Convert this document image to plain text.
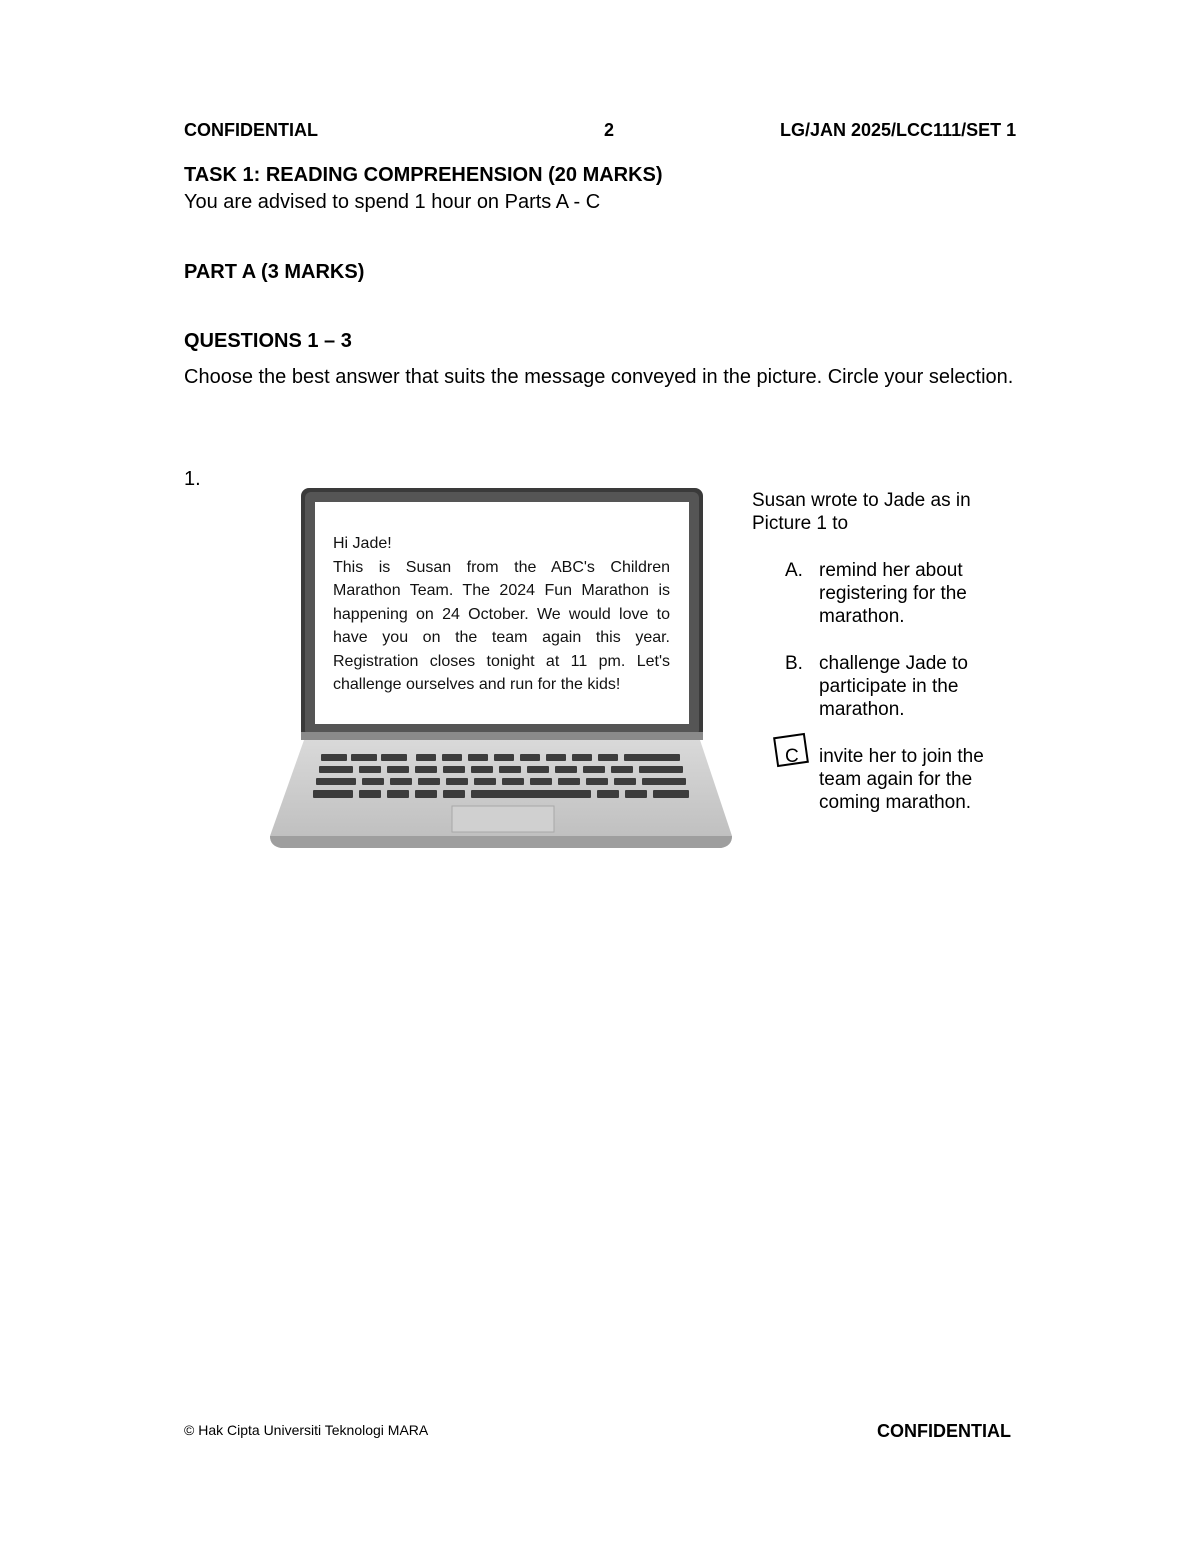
CONFIDENTIAL	2	LG/JAN 2025/LCC111/SET 1
TASK 1: READING COMPREHENSION (20 MARKS)
You are advised to spend 1 hour on Parts A - C
PART A (3 MARKS)
QUESTIONS 1 – 3
Choose the best answer that suits the message conveyed in the picture. Circle your selection.
1.

Hi Jade!

This is Susan from the ABC's Children Marathon Team. The 2024 Fun Marathon is happening on 24 October. We would love to have you on the team again this year. Registration closes tonight at 11 pm. Let's challenge ourselves and run for the kids!

Susan wrote to Jade as in Picture 1 to
A. remind her about registering for the marathon.
B. challenge Jade to participate in the marathon.
C invite her to join the team again for the coming marathon.
© Hak Cipta Universiti Teknologi MARA	CONFIDENTIAL
